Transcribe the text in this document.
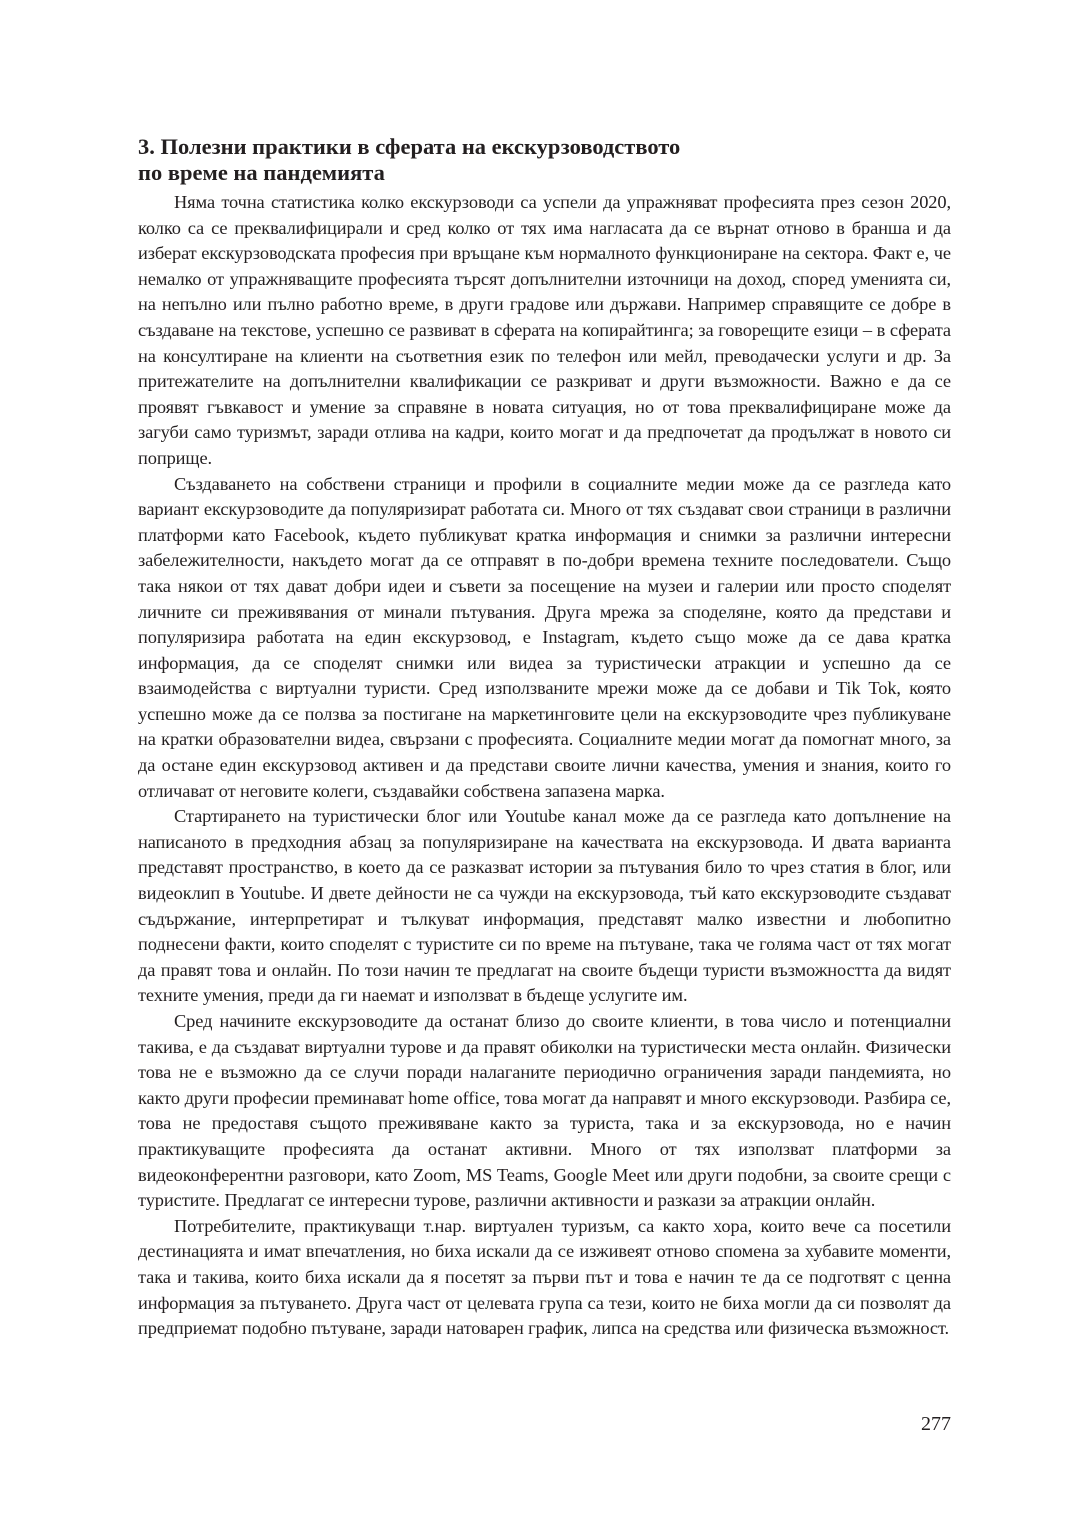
3. Полезни практики в сферата на екскурзоводството
по време на пандемията

Няма точна статистика колко екскурзоводи са успели да упражняват професията през сезон 2020, колко са се преквалифицирали и сред колко от тях има нагласата да се върнат отново в бранша и да изберат екскурзоводската професия при връщане към нормалното функциониране на сектора. Факт е, че немалко от упражняващите професията търсят допълнителни източници на доход, според уменията си, на непълно или пълно работно време, в други градове или държави. Например справящите се добре в създаване на текстове, успешно се развиват в сферата на копирайтинга; за говорещите езици – в сферата на консултиране на клиенти на съответния език по телефон или мейл, преводачески услуги и др. За притежателите на допълнителни квалификации се разкриват и други възможности. Важно е да се проявят гъвкавост и умение за справяне в новата ситуация, но от това преквалифициране може да загуби само туризмът, заради отлива на кадри, които могат и да предпочетат да продължат в новото си поприще.

Създаването на собствени страници и профили в социалните медии може да се разгледа като вариант екскурзоводите да популяризират работата си. Много от тях създават свои страници в различни платформи като Facebook, където публикуват кратка информация и снимки за различни интересни забележителности, накъдето могат да се отправят в по-добри времена техните последователи. Също така някои от тях дават добри идеи и съвети за посещение на музеи и галерии или просто споделят личните си преживявания от минали пътувания. Друга мрежа за споделяне, която да представи и популяризира работата на един екскурзовод, е Instagram, където също може да се дава кратка информация, да се споделят снимки или видеа за туристически атракции и успешно да се взаимодейства с виртуални туристи. Сред използваните мрежи може да се добави и Tik Tok, която успешно може да се ползва за постигане на маркетинговите цели на екскурзоводите чрез публикуване на кратки образователни видеа, свързани с професията. Социалните медии могат да помогнат много, за да остане един екскурзовод активен и да представи своите лични качества, умения и знания, които го отличават от неговите колеги, създавайки собствена запазена марка.

Стартирането на туристически блог или Youtube канал може да се разгледа като допълнение на написаното в предходния абзац за популяризиране на качествата на екскурзовода. И двата варианта представят пространство, в което да се разказват истории за пътувания било то чрез статия в блог, или видеоклип в Youtube. И двете дейности не са чужди на екскурзовода, тъй като екскурзоводите създават съдържание, интерпретират и тълкуват информация, представят малко известни и любопитно поднесени факти, които споделят с туристите си по време на пътуване, така че голяма част от тях могат да правят това и онлайн. По този начин те предлагат на своите бъдещи туристи възможността да видят техните умения, преди да ги наемат и използват в бъдеще услугите им.

Сред начините екскурзоводите да останат близо до своите клиенти, в това число и потенциални такива, е да създават виртуални турове и да правят обиколки на туристически места онлайн. Физически това не е възможно да се случи поради налаганите периодично ограничения заради пандемията, но както други професии преминават home office, това могат да направят и много екскурзоводи. Разбира се, това не предоставя същото преживяване както за туриста, така и за екскурзовода, но е начин практикуващите професията да останат активни. Много от тях използват платформи за видеоконферентни разговори, като Zoom, MS Teams, Google Meet или други подобни, за своите срещи с туристите. Предлагат се интересни турове, различни активности и разкази за атракции онлайн.

Потребителите, практикуващи т.нар. виртуален туризъм, са както хора, които вече са посетили дестинацията и имат впечатления, но биха искали да се изживеят отново спомена за хубавите моменти, така и такива, които биха искали да я посетят за първи път и това е начин те да се подготвят с ценна информация за пътуването. Друга част от целевата група са тези, които не биха могли да си позволят да предприемат подобно пътуване, заради натоварен график, липса на средства или физическа възможност.

277
